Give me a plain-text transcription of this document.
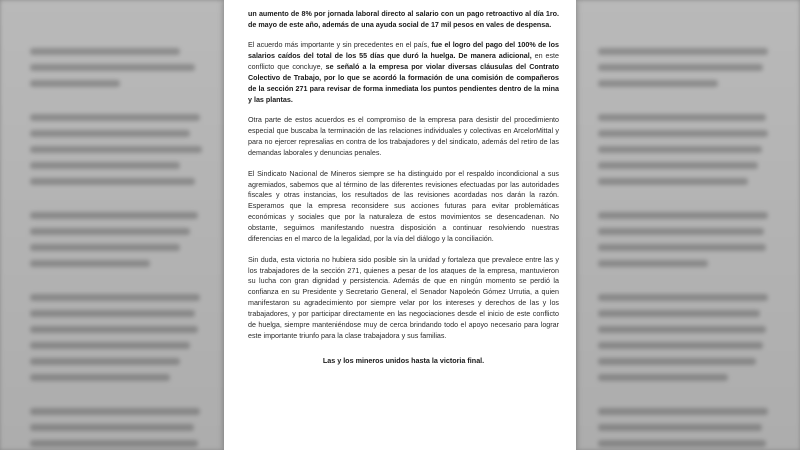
un aumento de 8% por jornada laboral directo al salario con un pago retroactivo al día 1ro. de mayo de este año, además de una ayuda social de 17 mil pesos en vales de despensa.

El acuerdo más importante y sin precedentes en el país, fue el logro del pago del 100% de los salarios caídos del total de los 55 días que duró la huelga. De manera adicional, en este conflicto que concluye, se señaló a la empresa por violar diversas cláusulas del Contrato Colectivo de Trabajo, por lo que se acordó la formación de una comisión de compañeros de la sección 271 para revisar de forma inmediata los puntos pendientes dentro de la mina y las plantas.

Otra parte de estos acuerdos es el compromiso de la empresa para desistir del procedimiento especial que buscaba la terminación de las relaciones individuales y colectivas en ArcelorMittal y para no ejercer represalias en contra de los trabajadores y del sindicato, además del retiro de las demandas laborales y denuncias penales.

El Sindicato Nacional de Mineros siempre se ha distinguido por el respaldo incondicional a sus agremiados, sabemos que al término de las diferentes revisiones efectuadas por las autoridades fiscales y otras instancias, los resultados de las revisiones acordadas nos darán la razón. Esperamos que la empresa reconsidere sus acciones futuras para evitar problemáticas económicas y sociales que por la naturaleza de estos movimientos se desencadenan. No obstante, seguimos manifestando nuestra disposición a continuar resolviendo nuestras diferencias en el marco de la legalidad, por la vía del diálogo y la conciliación.

Sin duda, esta victoria no hubiera sido posible sin la unidad y fortaleza que prevalece entre las y los trabajadores de la sección 271, quienes a pesar de los ataques de la empresa, mantuvieron su lucha con gran dignidad y persistencia. Además de que en ningún momento se perdió la confianza en su Presidente y Secretario General, el Senador Napoleón Gómez Urrutia, a quien manifestaron su agradecimiento por siempre velar por los intereses y derechos de las y los trabajadores, y por participar directamente en las negociaciones desde el inicio de este conflicto de huelga, siempre manteniéndose muy de cerca brindando todo el apoyo necesario para lograr este importante triunfo para la clase trabajadora y sus familias.

Las y los mineros unidos hasta la victoria final.
